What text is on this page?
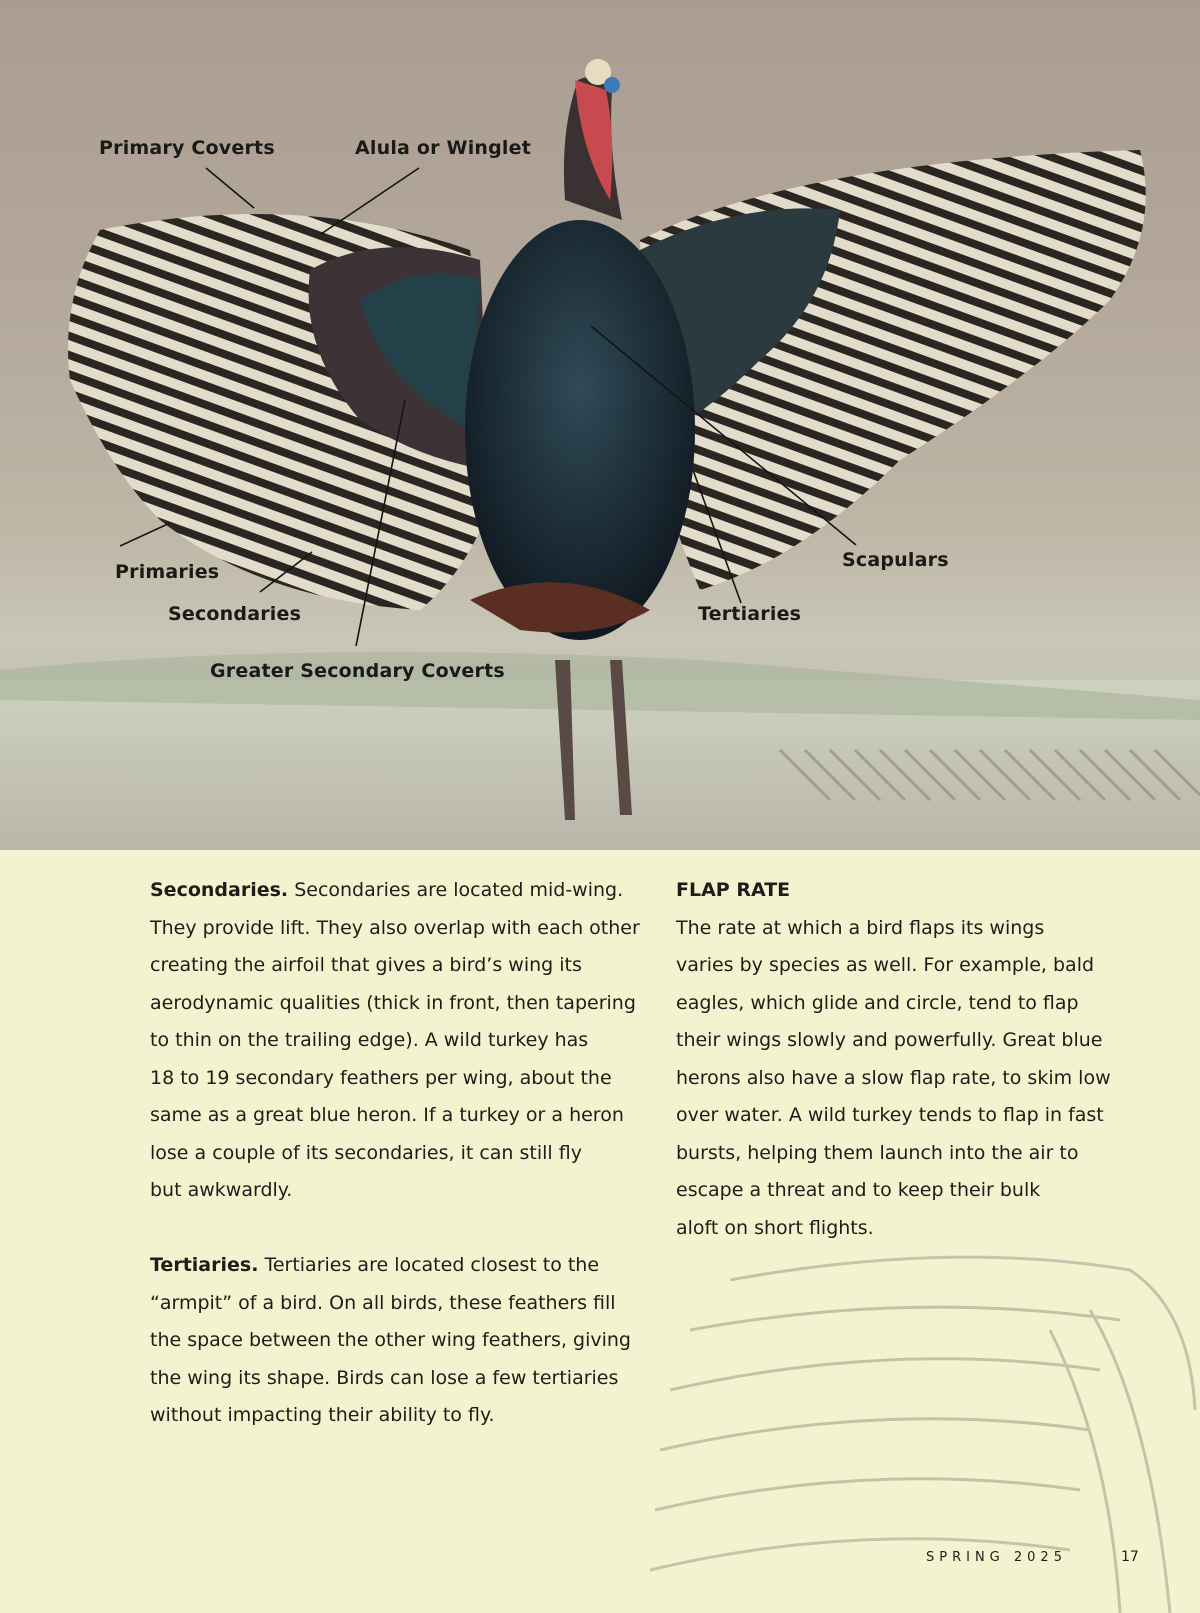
Primary Coverts	Alula or Winglet
Primaries
Secondaries
Greater Secondary Coverts
Tertiaries
Scapulars

Secondaries. Secondaries are located mid-wing.
They provide lift. They also overlap with each other
creating the airfoil that gives a bird’s wing its
aerodynamic qualities (thick in front, then tapering
to thin on the trailing edge). A wild turkey has
18 to 19 secondary feathers per wing, about the
same as a great blue heron. If a turkey or a heron
lose a couple of its secondaries, it can still fly
but awkwardly.

Tertiaries. Tertiaries are located closest to the
“armpit” of a bird. On all birds, these feathers fill
the space between the other wing feathers, giving
the wing its shape. Birds can lose a few tertiaries
without impacting their ability to fly.

FLAP RATE

The rate at which a bird flaps its wings
varies by species as well. For example, bald
eagles, which glide and circle, tend to flap
their wings slowly and powerfully. Great blue
herons also have a slow flap rate, to skim low
over water. A wild turkey tends to flap in fast
bursts, helping them launch into the air to
escape a threat and to keep their bulk
aloft on short flights.

SPRING 2025	17
